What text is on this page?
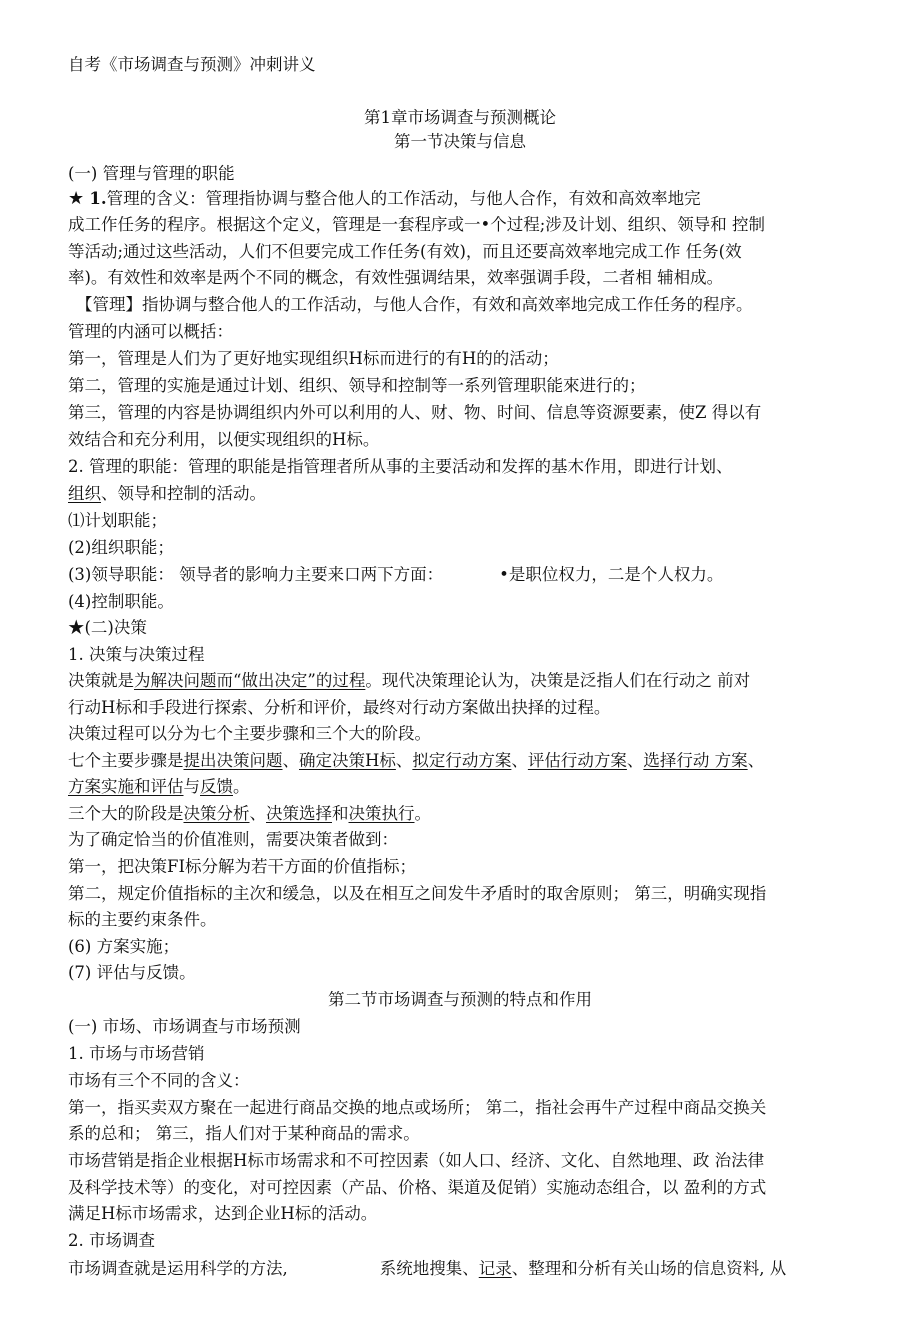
自考《市场调查与预测》冲刺讲义
第1章市场调查与预测概论
第一节决策与信息
(一) 管理与管理的职能
★ 1.管理的含义：管理指协调与整合他人的工作活动，与他人合作，有效和高效率地完
成工作任务的程序。根据这个定义，管理是一套程序或一•个过程;涉及计划、组织、领导和 控制
等活动;通过这些活动，人们不但要完成工作任务(有效)，而且还要高效率地完成工作 任务(效
率)。有效性和效率是两个不同的概念，有效性强调结果，效率强调手段，二者相 辅相成。
【管理】指协调与整合他人的工作活动，与他人合作，有效和高效率地完成工作任务的程序。
管理的内涵可以概括：
第一，管理是人们为了更好地实现组织H标而进行的有H的的活动；
第二，管理的实施是通过计划、组织、领导和控制等一系列管理职能來进行的；
第三，管理的内容是协调组织内外可以利用的人、财、物、时间、信息等资源要素，使Z 得以有
效结合和充分利用，以便实现组织的H标。
2. 管理的职能：管理的职能是指管理者所从事的主要活动和发挥的基木作用，即进行计划、
组织、领导和控制的活动。
⑴计划职能；
(2)组织职能；
(3)领导职能： 领导者的影响力主要来口两下方面：	•是职位权力，二是个人权力。
(4)控制职能。
★(二)决策
1. 决策与决策过程
决策就是为解决问题而“做出决定”的过程。现代决策理论认为，决策是泛指人们在行动之 前对
行动H标和手段进行探索、分析和评价，最终对行动方案做出抉择的过程。
决策过程可以分为七个主要步骤和三个大的阶段。
七个主要步骤是提出决策问题、确定决策H标、拟定行动方案、评估行动方案、选择行动 方案、
方案实施和评估与反馈。
三个大的阶段是决策分析、决策选择和决策执行。
为了确定恰当的价值准则，需要决策者做到：
第一，把决策FI标分解为若干方面的价值指标；
第二，规定价值指标的主次和缓急，以及在相互之间发牛矛盾时的取舍原则； 第三，明确实现指
标的主要约束条件。
(6) 方案实施；
(7) 评估与反馈。
第二节市场调查与预测的特点和作用
(一) 市场、市场调查与市场预测
1. 市场与市场营销
市场有三个不同的含义：
第一，指买卖双方聚在一起进行商品交换的地点或场所； 第二，指社会再牛产过程中商品交换关
系的总和； 第三，指人们对于某种商品的需求。
市场营销是指企业根据H标市场需求和不可控因素（如人口、经济、文化、自然地理、政 治法律
及科学技术等）的变化，对可控因素（产品、价格、渠道及促销）实施动态组合，以 盈利的方式
满足H标市场需求，达到企业H标的活动。
2. 市场调查
市场调查就是运用科学的方法,	系统地搜集、记录、整理和分析有关山场的信息资料, 从
